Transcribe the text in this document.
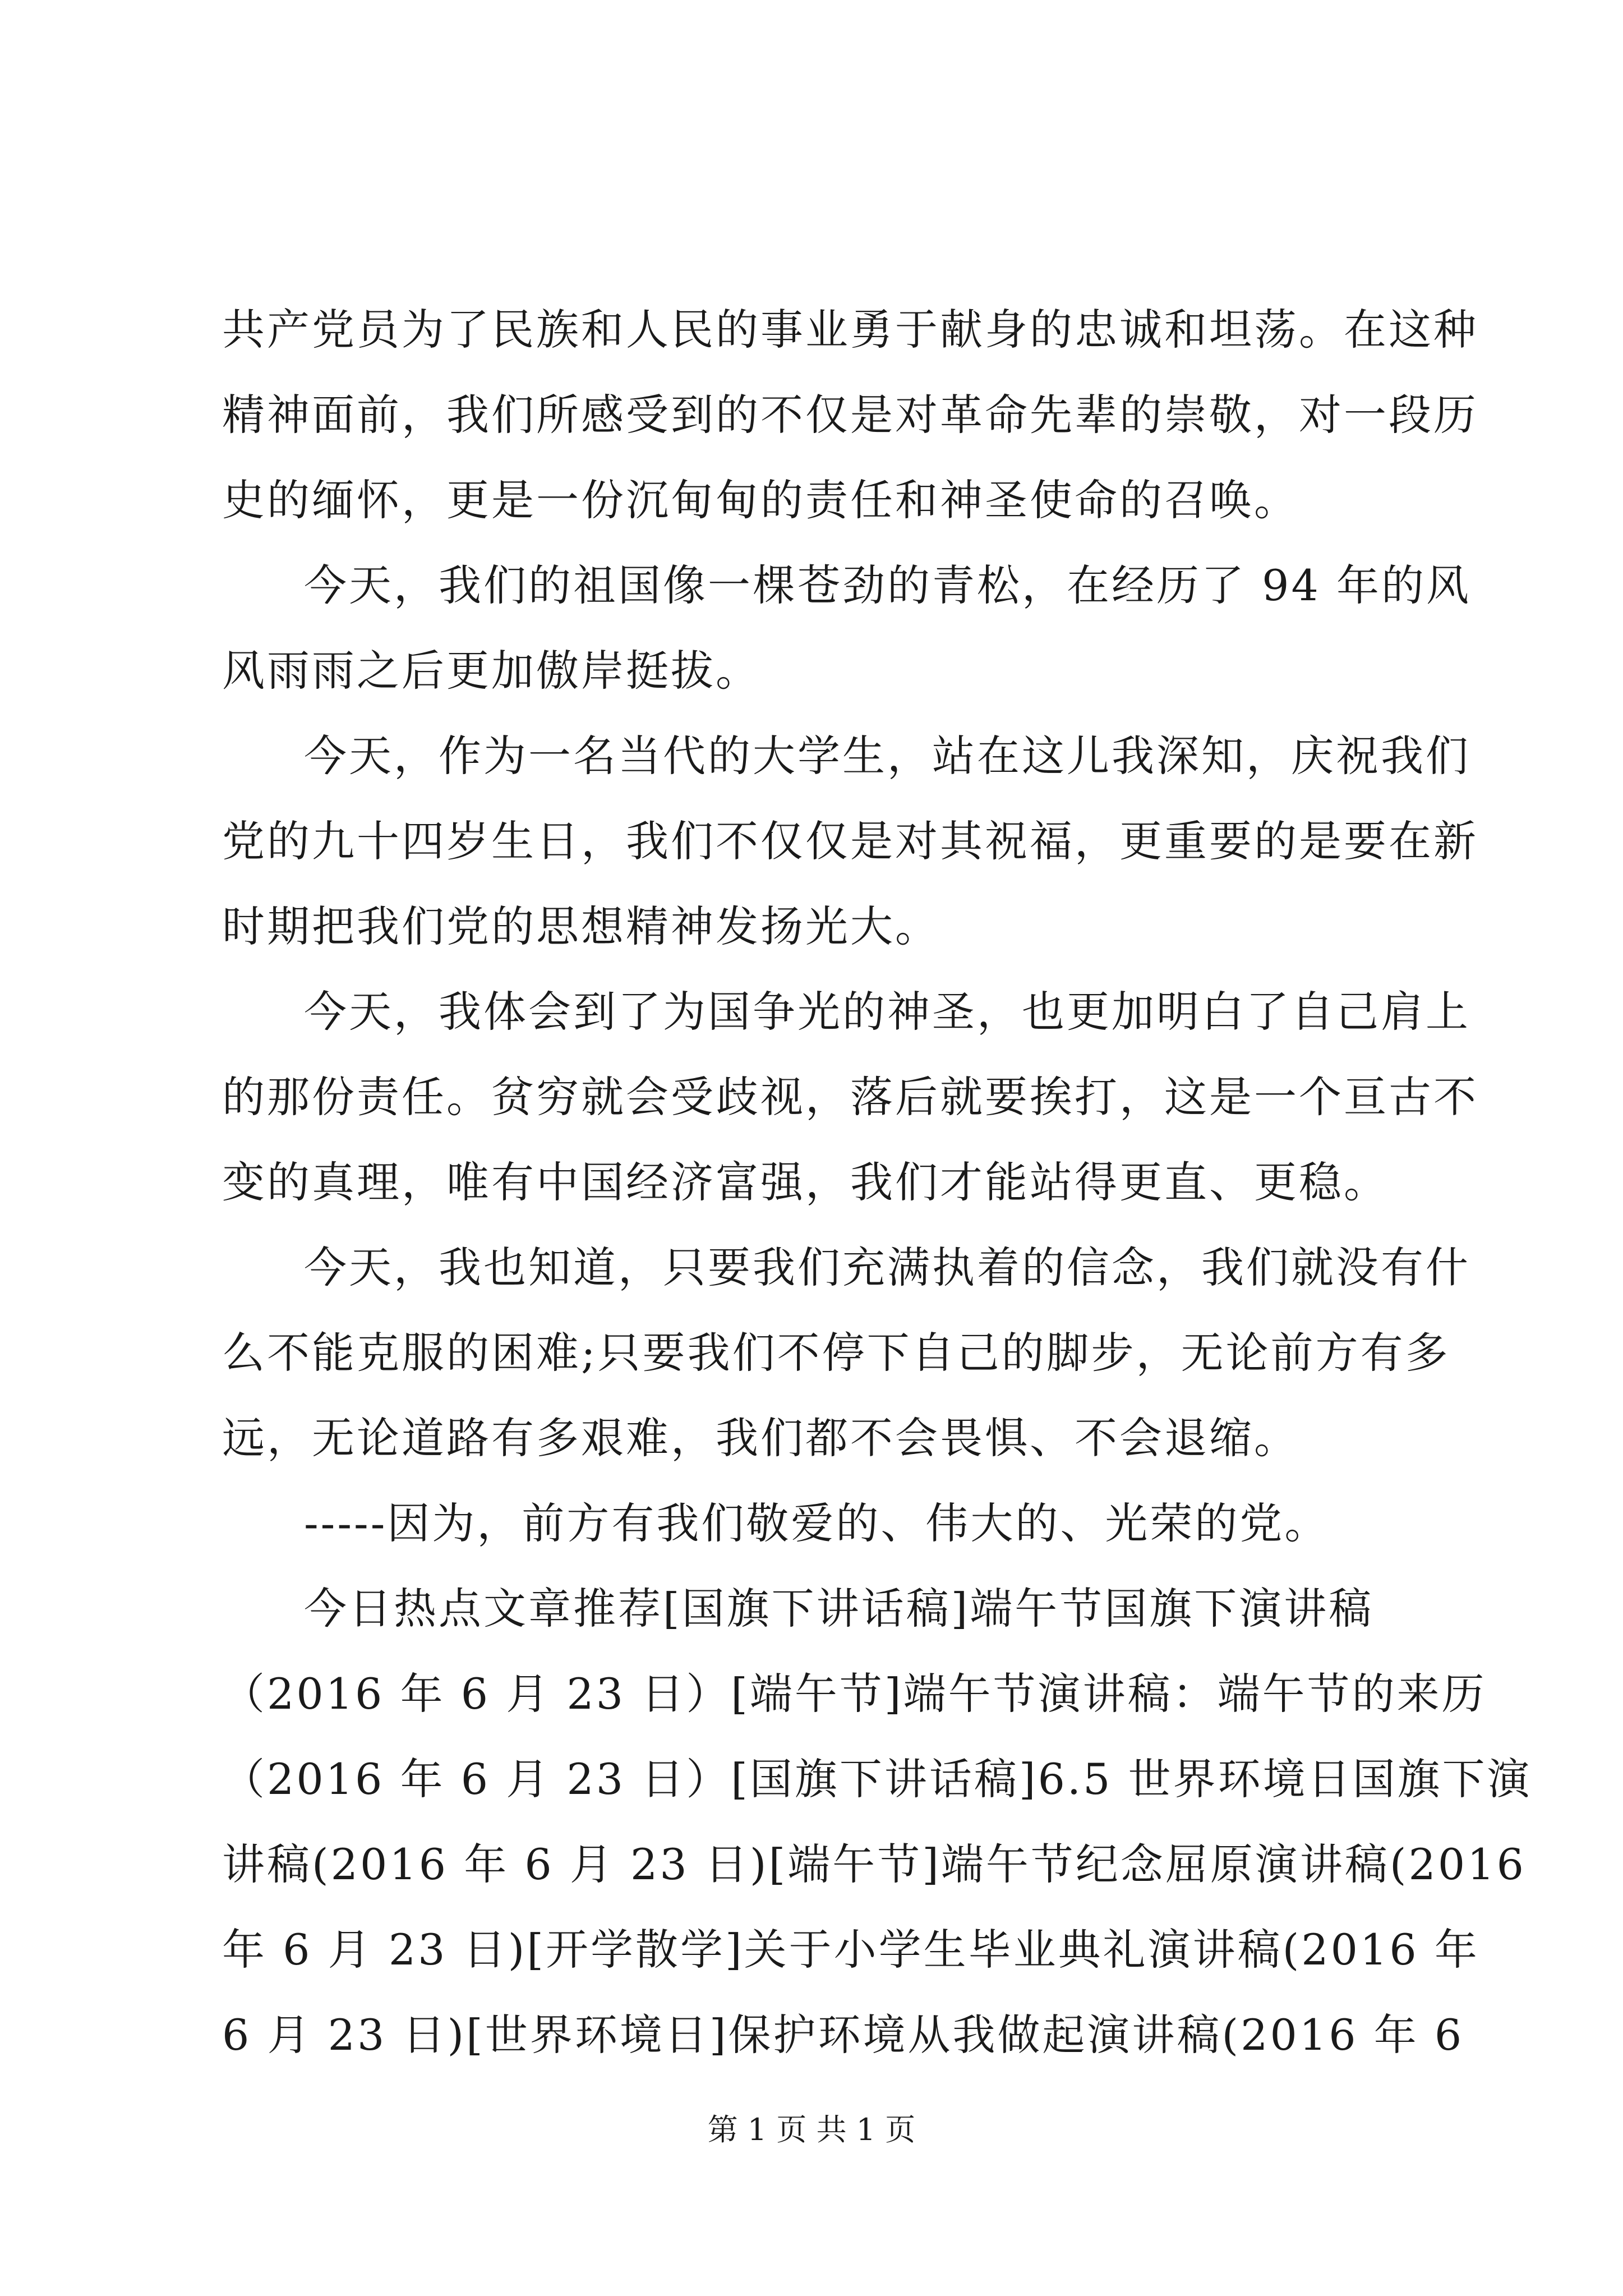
共产党员为了民族和人民的事业勇于献身的忠诚和坦荡。在这种
精神面前，我们所感受到的不仅是对革命先辈的崇敬，对一段历
史的缅怀，更是一份沉甸甸的责任和神圣使命的召唤。
今天，我们的祖国像一棵苍劲的青松，在经历了 94 年的风
风雨雨之后更加傲岸挺拔。
今天，作为一名当代的大学生，站在这儿我深知，庆祝我们
党的九十四岁生日，我们不仅仅是对其祝福，更重要的是要在新
时期把我们党的思想精神发扬光大。
今天，我体会到了为国争光的神圣，也更加明白了自己肩上
的那份责任。贫穷就会受歧视，落后就要挨打，这是一个亘古不
变的真理，唯有中国经济富强，我们才能站得更直、更稳。
今天，我也知道，只要我们充满执着的信念，我们就没有什
么不能克服的困难;只要我们不停下自己的脚步，无论前方有多
远，无论道路有多艰难，我们都不会畏惧、不会退缩。
-----因为，前方有我们敬爱的、伟大的、光荣的党。
今日热点文章推荐[国旗下讲话稿]端午节国旗下演讲稿
（2016 年 6 月 23 日）[端午节]端午节演讲稿：端午节的来历
（2016 年 6 月 23 日）[国旗下讲话稿]6.5 世界环境日国旗下演
讲稿(2016 年 6 月 23 日)[端午节]端午节纪念屈原演讲稿(2016
年 6 月 23 日)[开学散学]关于小学生毕业典礼演讲稿(2016 年
6 月 23 日)[世界环境日]保护环境从我做起演讲稿(2016 年 6
第 1 页 共 1 页
